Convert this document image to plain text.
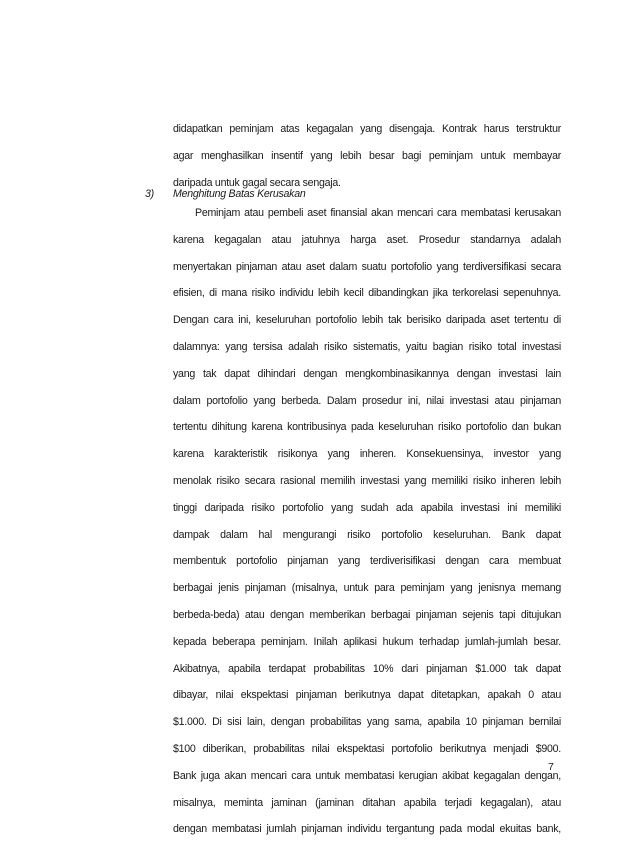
didapatkan peminjam atas kegagalan yang disengaja. Kontrak harus terstruktur
agar menghasilkan insentif yang lebih besar bagi peminjam untuk membayar
daripada untuk gagal secara sengaja.
3) Menghitung Batas Kerusakan
Peminjam atau pembeli aset finansial akan mencari cara membatasi kerusakan
karena kegagalan atau jatuhnya harga aset. Prosedur standarnya adalah
menyertakan pinjaman atau aset dalam suatu portofolio yang terdiversifikasi secara
efisien, di mana risiko individu lebih kecil dibandingkan jika terkorelasi sepenuhnya.
Dengan cara ini, keseluruhan portofolio lebih tak berisiko daripada aset tertentu di
dalamnya: yang tersisa adalah risiko sistematis, yaitu bagian risiko total investasi
yang tak dapat dihindari dengan mengkombinasikannya dengan investasi lain
dalam portofolio yang berbeda. Dalam prosedur ini, nilai investasi atau pinjaman
tertentu dihitung karena kontribusinya pada keseluruhan risiko portofolio dan bukan
karena karakteristik risikonya yang inheren. Konsekuensinya, investor yang
menolak risiko secara rasional memilih investasi yang memiliki risiko inheren lebih
tinggi daripada risiko portofolio yang sudah ada apabila investasi ini memiliki
dampak dalam hal mengurangi risiko portofolio keseluruhan. Bank dapat
membentuk portofolio pinjaman yang terdiverisifikasi dengan cara membuat
berbagai jenis pinjaman (misalnya, untuk para peminjam yang jenisnya memang
berbeda-beda) atau dengan memberikan berbagai pinjaman sejenis tapi ditujukan
kepada beberapa peminjam. Inilah aplikasi hukum terhadap jumlah-jumlah besar.
Akibatnya, apabila terdapat probabilitas 10% dari pinjaman $1.000 tak dapat
dibayar, nilai ekspektasi pinjaman berikutnya dapat ditetapkan, apakah 0 atau
$1.000. Di sisi lain, dengan probabilitas yang sama, apabila 10 pinjaman bernilai
$100 diberikan, probabilitas nilai ekspektasi portofolio berikutnya menjadi $900.
Bank juga akan mencari cara untuk membatasi kerugian akibat kegagalan dengan,
misalnya, meminta jaminan (jaminan ditahan apabila terjadi kegagalan), atau
dengan membatasi jumlah pinjaman individu tergantung pada modal ekuitas bank,
7
